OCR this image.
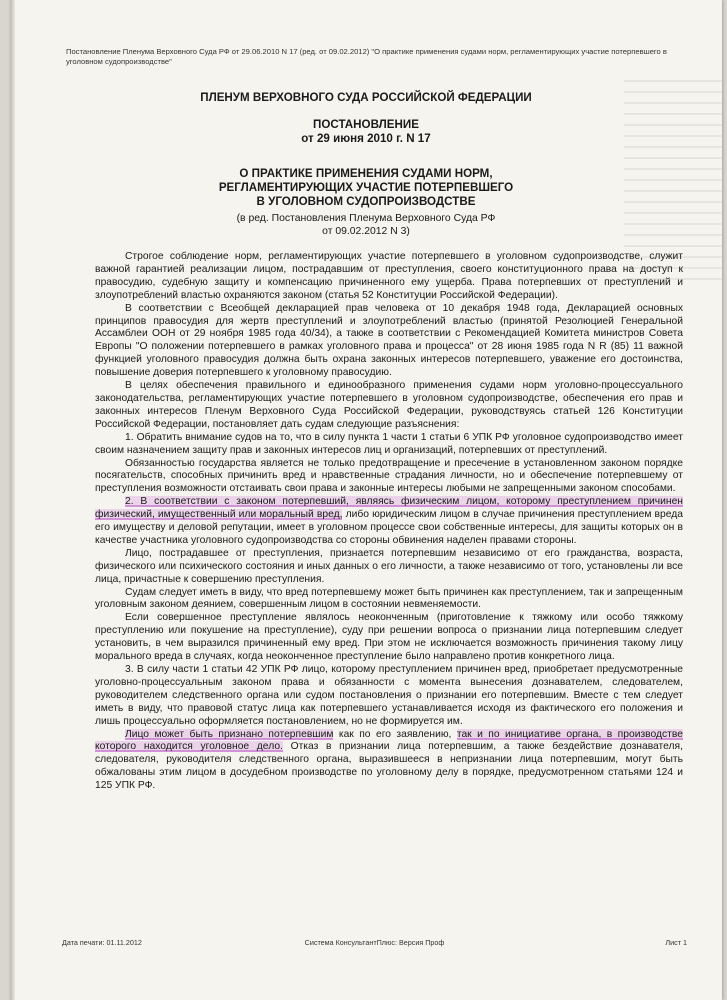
Постановление Пленума Верховного Суда РФ от 29.06.2010 N 17 (ред. от 09.02.2012) "О практике применения судами норм, регламентирующих участие потерпевшего в уголовном судопроизводстве"
ПЛЕНУМ ВЕРХОВНОГО СУДА РОССИЙСКОЙ ФЕДЕРАЦИИ
ПОСТАНОВЛЕНИЕ
от 29 июня 2010 г. N 17
О ПРАКТИКЕ ПРИМЕНЕНИЯ СУДАМИ НОРМ,
РЕГЛАМЕНТИРУЮЩИХ УЧАСТИЕ ПОТЕРПЕВШЕГО
В УГОЛОВНОМ СУДОПРОИЗВОДСТВЕ
(в ред. Постановления Пленума Верховного Суда РФ
от 09.02.2012 N 3)

Строгое соблюдение норм, регламентирующих участие потерпевшего в уголовном судопроизводстве, служит важной гарантией реализации лицом, пострадавшим от преступления, своего конституционного права на доступ к правосудию, судебную защиту и компенсацию причиненного ему ущерба. Права потерпевших от преступлений и злоупотреблений властью охраняются законом (статья 52 Конституции Российской Федерации).

В соответствии с Всеобщей декларацией прав человека от 10 декабря 1948 года, Декларацией основных принципов правосудия для жертв преступлений и злоупотреблений властью (принятой Резолюцией Генеральной Ассамблеи ООН от 29 ноября 1985 года 40/34), а также в соответствии с Рекомендацией Комитета министров Совета Европы "О положении потерпевшего в рамках уголовного права и процесса" от 28 июня 1985 года N R (85) 11 важной функцией уголовного правосудия должна быть охрана законных интересов потерпевшего, уважение его достоинства, повышение доверия потерпевшего к уголовному правосудию.

В целях обеспечения правильного и единообразного применения судами норм уголовно-процессуального законодательства, регламентирующих участие потерпевшего в уголовном судопроизводстве, обеспечения его прав и законных интересов Пленум Верховного Суда Российской Федерации, руководствуясь статьей 126 Конституции Российской Федерации, постановляет дать судам следующие разъяснения:

1. Обратить внимание судов на то, что в силу пункта 1 части 1 статьи 6 УПК РФ уголовное судопроизводство имеет своим назначением защиту прав и законных интересов лиц и организаций, потерпевших от преступлений.

Обязанностью государства является не только предотвращение и пресечение в установленном законом порядке посягательств, способных причинить вред и нравственные страдания личности, но и обеспечение потерпевшему от преступления возможности отстаивать свои права и законные интересы любыми не запрещенными законом способами.

2. В соответствии с законом потерпевший, являясь физическим лицом, которому преступлением причинен физический, имущественный или моральный вред, либо юридическим лицом в случае причинения преступлением вреда его имуществу и деловой репутации, имеет в уголовном процессе свои собственные интересы, для защиты которых он в качестве участника уголовного судопроизводства со стороны обвинения наделен правами стороны.

Лицо, пострадавшее от преступления, признается потерпевшим независимо от его гражданства, возраста, физического или психического состояния и иных данных о его личности, а также независимо от того, установлены ли все лица, причастные к совершению преступления.

Судам следует иметь в виду, что вред потерпевшему может быть причинен как преступлением, так и запрещенным уголовным законом деянием, совершенным лицом в состоянии невменяемости.

Если совершенное преступление являлось неоконченным (приготовление к тяжкому или особо тяжкому преступлению или покушение на преступление), суду при решении вопроса о признании лица потерпевшим следует установить, в чем выразился причиненный ему вред. При этом не исключается возможность причинения такому лицу морального вреда в случаях, когда неоконченное преступление было направлено против конкретного лица.

3. В силу части 1 статьи 42 УПК РФ лицо, которому преступлением причинен вред, приобретает предусмотренные уголовно-процессуальным законом права и обязанности с момента вынесения дознавателем, следователем, руководителем следственного органа или судом постановления о признании его потерпевшим. Вместе с тем следует иметь в виду, что правовой статус лица как потерпевшего устанавливается исходя из фактического его положения и лишь процессуально оформляется постановлением, но не формируется им.

Лицо может быть признано потерпевшим как по его заявлению, так и по инициативе органа, в производстве которого находится уголовное дело. Отказ в признании лица потерпевшим, а также бездействие дознавателя, следователя, руководителя следственного органа, выразившееся в непризнании лица потерпевшим, могут быть обжалованы этим лицом в досудебном производстве по уголовному делу в порядке, предусмотренном статьями 124 и 125 УПК РФ.

Дата печати: 01.11.2012	Система КонсультантПлюс: Версия Проф	Лист 1
